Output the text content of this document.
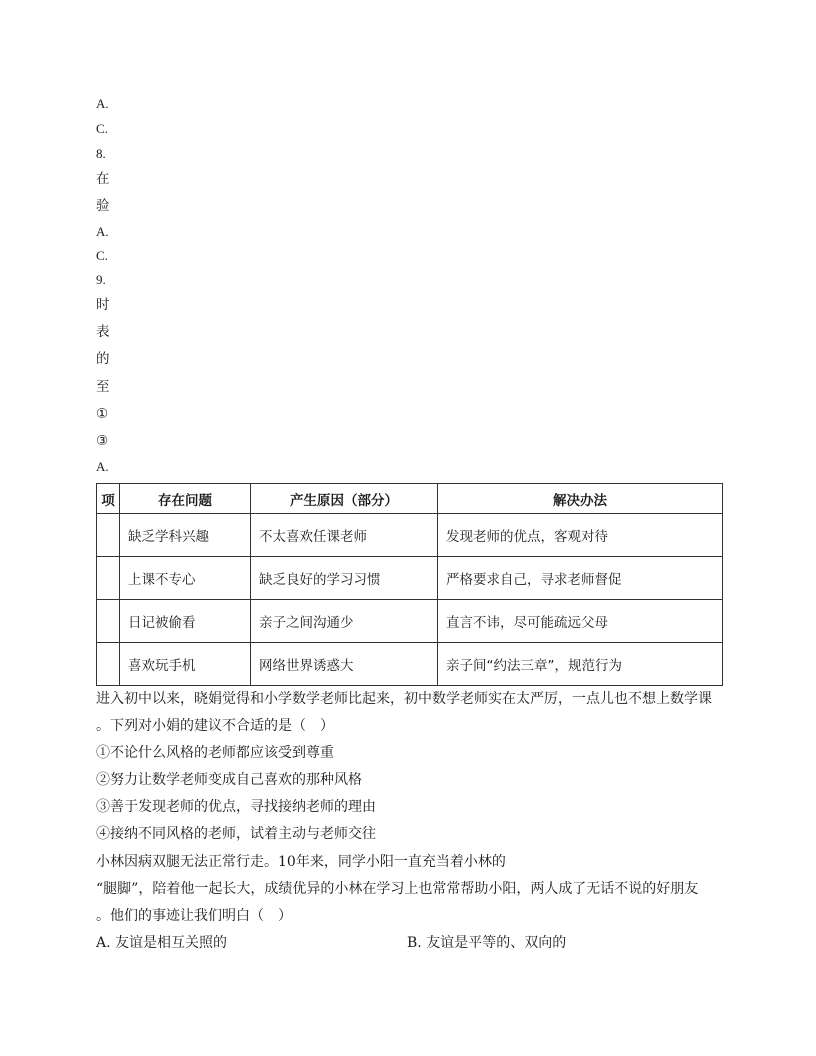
A.
C.
8.
在
验
A.
C.
9.
时
表
的
至
①
③
A.
项	存在问题	产生原因（部分）	解决办法
	缺乏学科兴趣	不太喜欢任课老师	发现老师的优点，客观对待
	上课不专心	缺乏良好的学习习惯	严格要求自己，寻求老师督促
	日记被偷看	亲子之间沟通少	直言不讳，尽可能疏远父母
	喜欢玩手机	网络世界诱惑大	亲子间“约法三章”，规范行为
进入初中以来，晓娟觉得和小学数学老师比起来，初中数学老师实在太严厉，一点儿也不想上数学课
。下列对小娟的建议不合适的是（　）
①不论什么风格的老师都应该受到尊重
②努力让数学老师变成自己喜欢的那种风格
③善于发现老师的优点，寻找接纳老师的理由
④接纳不同风格的老师，试着主动与老师交往
小林因病双腿无法正常行走。10年来，同学小阳一直充当着小林的
“腿脚”，陪着他一起长大，成绩优异的小林在学习上也常常帮助小阳，两人成了无话不说的好朋友
。他们的事迹让我们明白（　）
A. 友谊是相互关照的	B. 友谊是平等的、双向的
